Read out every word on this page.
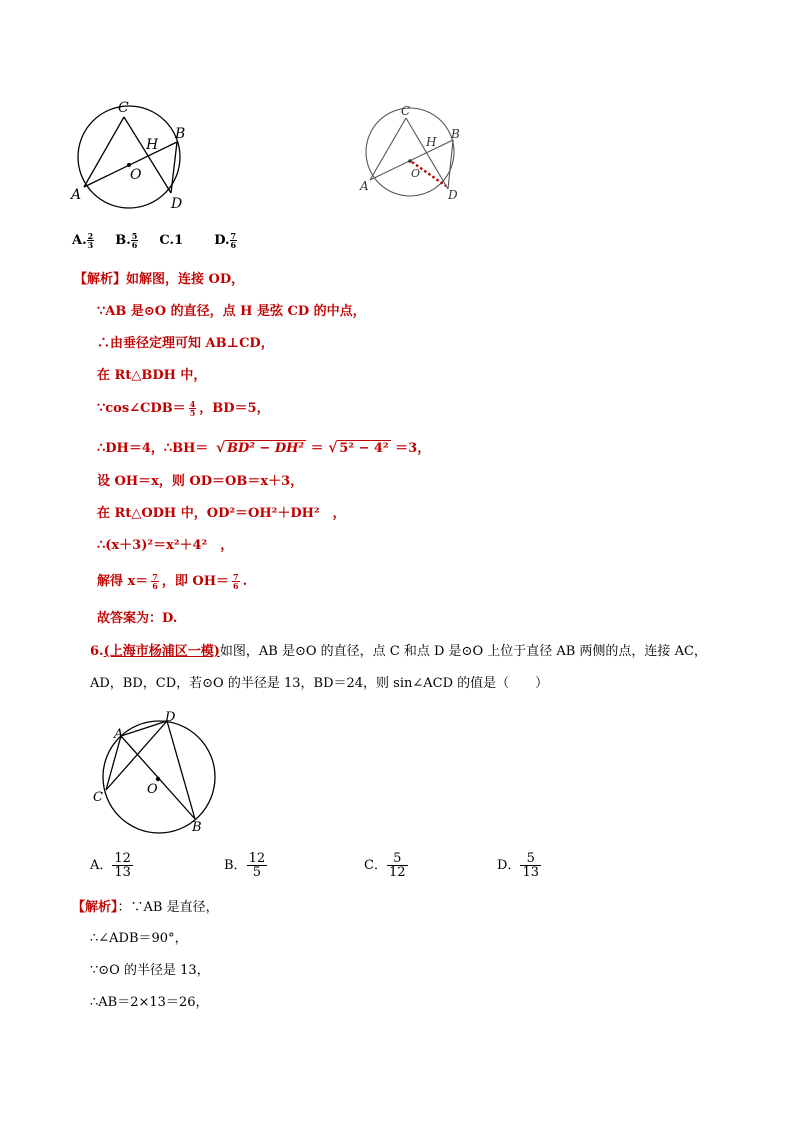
C
H
B
O
A
D
C
H
B
O
A
D
A. $\frac{2}{3} B$. $\frac{5}{6} C.1$ D. $\frac{7}{6}$
【解析】如解图，连接 OD，
∵AB 是⊙O 的直径，点 H 是弦 CD 的中点，
∴由垂径定理可知 AB⊥CD，
在 Rt△BDH 中，
∵cos∠CDB＝ $\frac{4}{5}$ ，BD＝5，
∴DH＝4，∴BH＝ √ BD² − DH² ＝ √ 5² − 4² ＝3，
设 OH＝x，则 OD＝OB＝x＋3，
在 Rt△ODH 中，OD²＝OH²＋DH²　，
∴(x＋3)²＝x²＋4²　，
解得 $x= \frac{7}{6}$ ，即 $OH= \frac{7}{6}$ .
故答案为：D.
6.(上海市杨浦区一模)如图，AB 是⊙O 的直径，点 C 和点 D 是⊙O 上位于直径 AB 两侧的点，连接 AC，
AD，BD，CD，若⊙O 的半径是 13，BD＝24，则 sin∠ACD 的值是（　　）
A
D
O
C
B
A． $\frac{12}{13}$	B． $\frac{12}{5}$	C． $\frac{5}{12}$	D． $\frac{5}{13}$
【解析】：∵AB 是直径，
∴∠ADB＝90°，
∵⊙O 的半径是 13，
∴AB＝2×13＝26，
